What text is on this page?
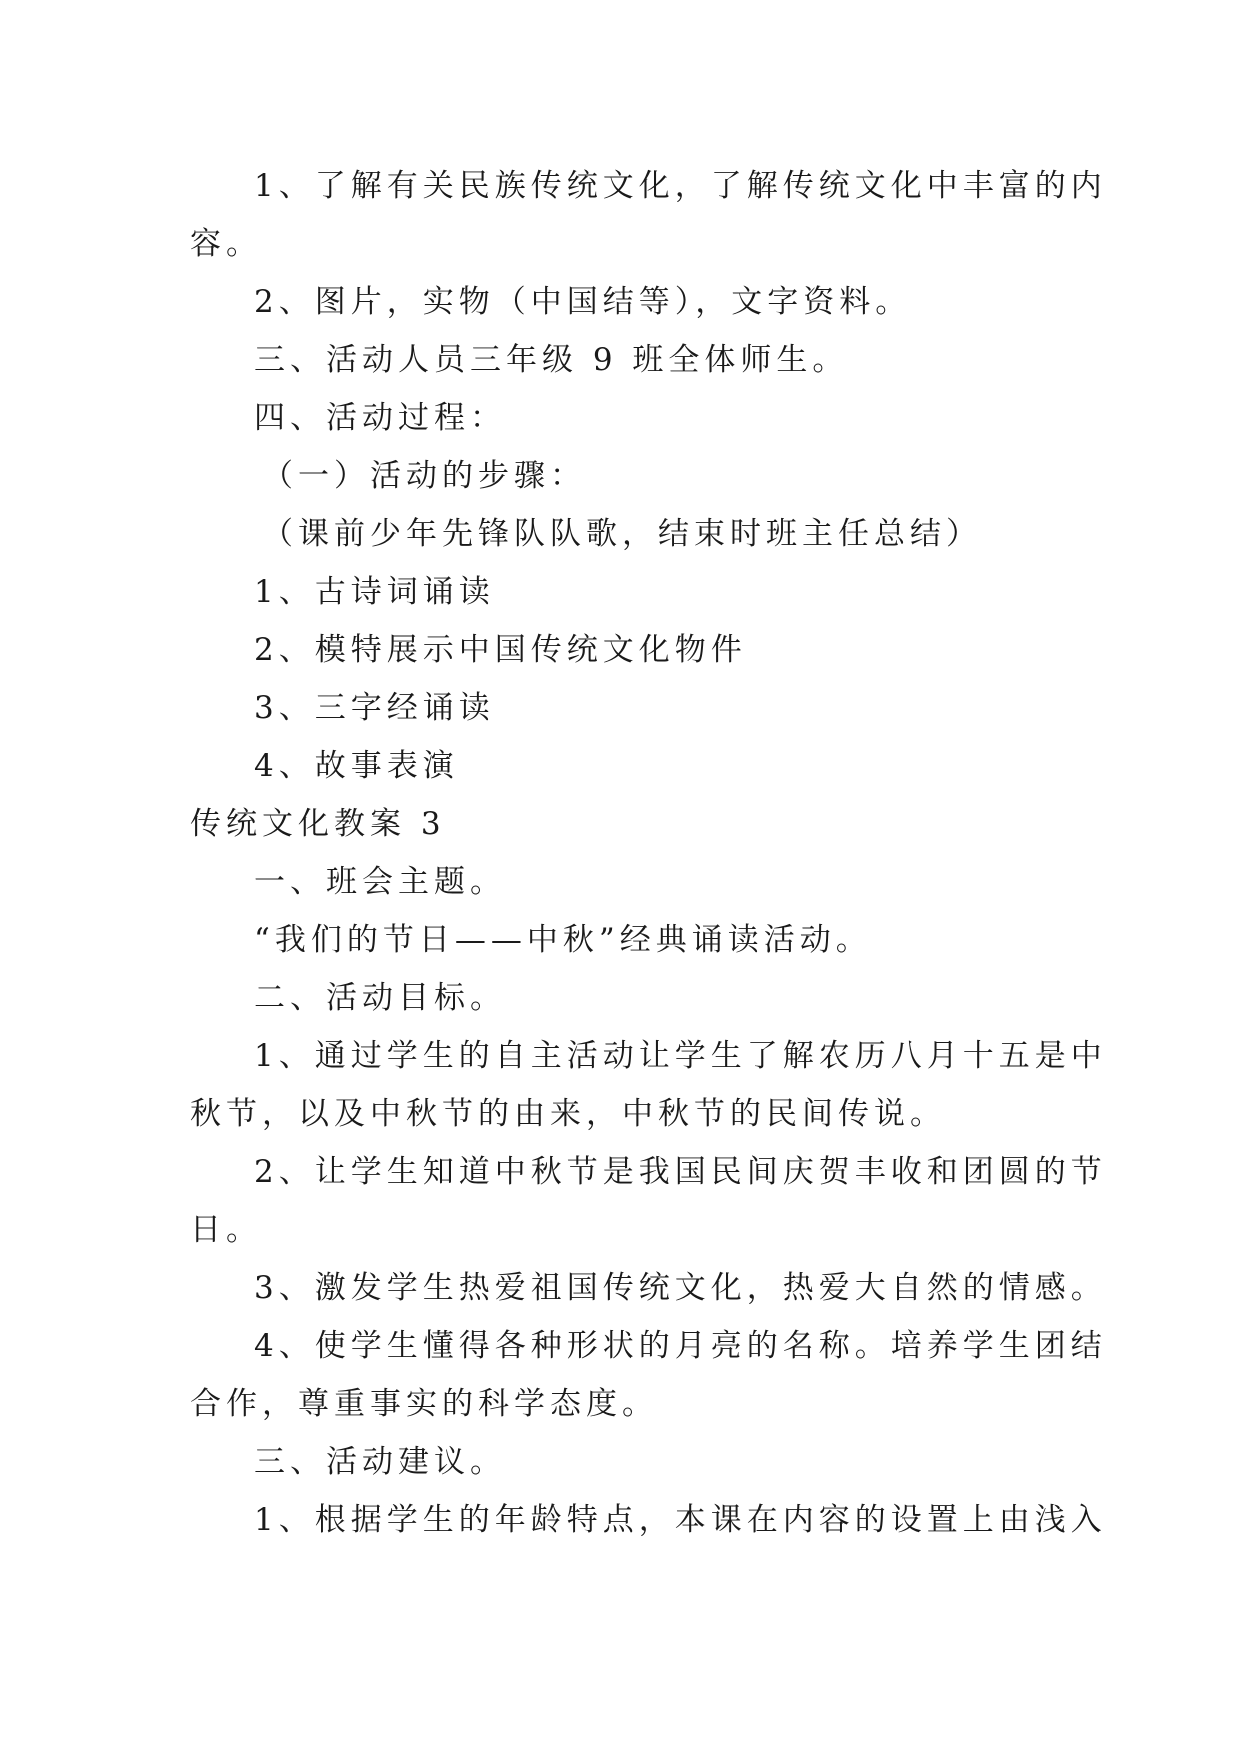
1、了解有关民族传统文化，了解传统文化中丰富的内
容。
2、图片，实物（中国结等），文字资料。
三、活动人员三年级 9 班全体师生。
四、活动过程：
（一）活动的步骤：
（课前少年先锋队队歌，结束时班主任总结）
1、古诗词诵读
2、模特展示中国传统文化物件
3、三字经诵读
4、故事表演
传统文化教案 3
一、班会主题。
“我们的节日——中秋”经典诵读活动。
二、活动目标。
1、通过学生的自主活动让学生了解农历八月十五是中
秋节，以及中秋节的由来，中秋节的民间传说。
2、让学生知道中秋节是我国民间庆贺丰收和团圆的节
日。
3、激发学生热爱祖国传统文化，热爱大自然的情感。
4、使学生懂得各种形状的月亮的名称。培养学生团结
合作，尊重事实的科学态度。
三、活动建议。
1、根据学生的年龄特点，本课在内容的设置上由浅入
